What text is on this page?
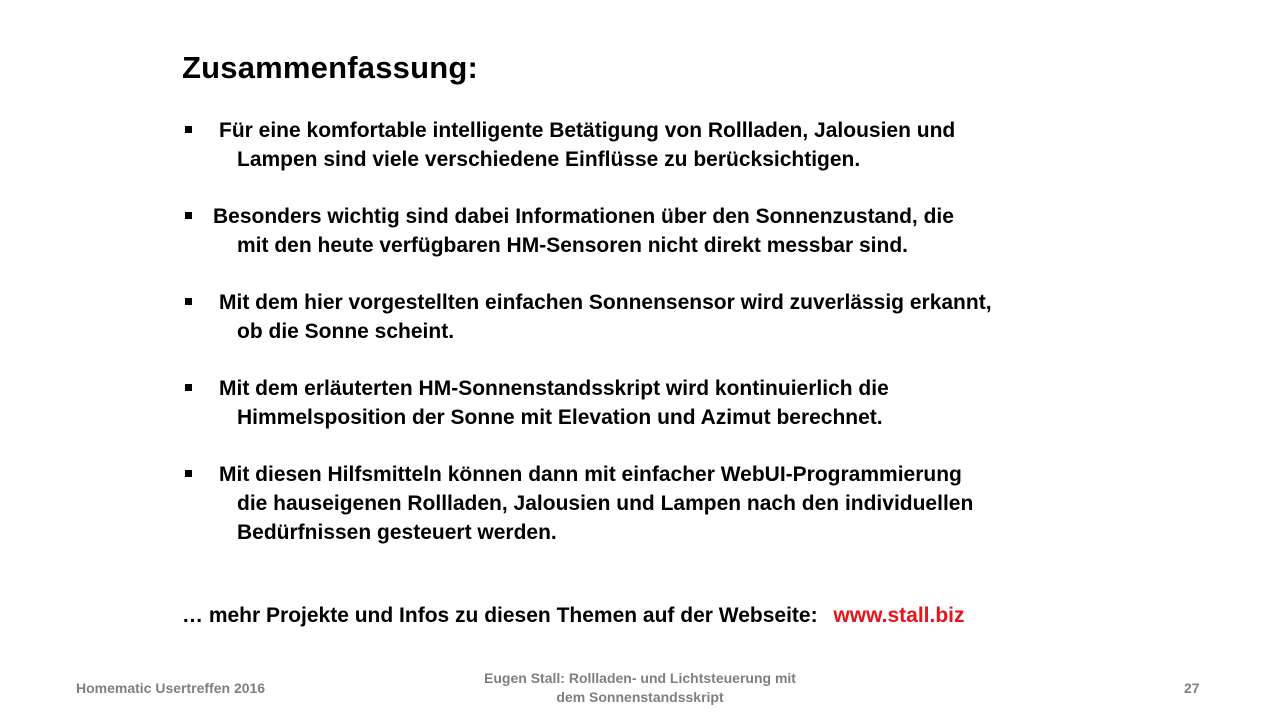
Zusammenfassung:
Für eine komfortable intelligente Betätigung von Rollladen, Jalousien und
Lampen sind viele verschiedene Einflüsse zu berücksichtigen.
Besonders wichtig sind dabei Informationen über den Sonnenzustand, die
mit den heute verfügbaren HM-Sensoren nicht direkt messbar sind.
Mit dem hier vorgestellten einfachen Sonnensensor wird zuverlässig erkannt,
ob die Sonne scheint.
Mit dem erläuterten HM-Sonnenstandsskript wird kontinuierlich die
Himmelsposition der Sonne mit Elevation und Azimut berechnet.
Mit diesen Hilfsmitteln können dann mit einfacher WebUI-Programmierung
die hauseigenen Rollladen, Jalousien und Lampen nach den individuellen
Bedürfnissen gesteuert werden.
… mehr Projekte und Infos zu diesen Themen auf der Webseite: www.stall.biz
Homematic Usertreffen 2016
Eugen Stall: Rollladen- und Lichtsteuerung mit
dem Sonnenstandsskript
27
